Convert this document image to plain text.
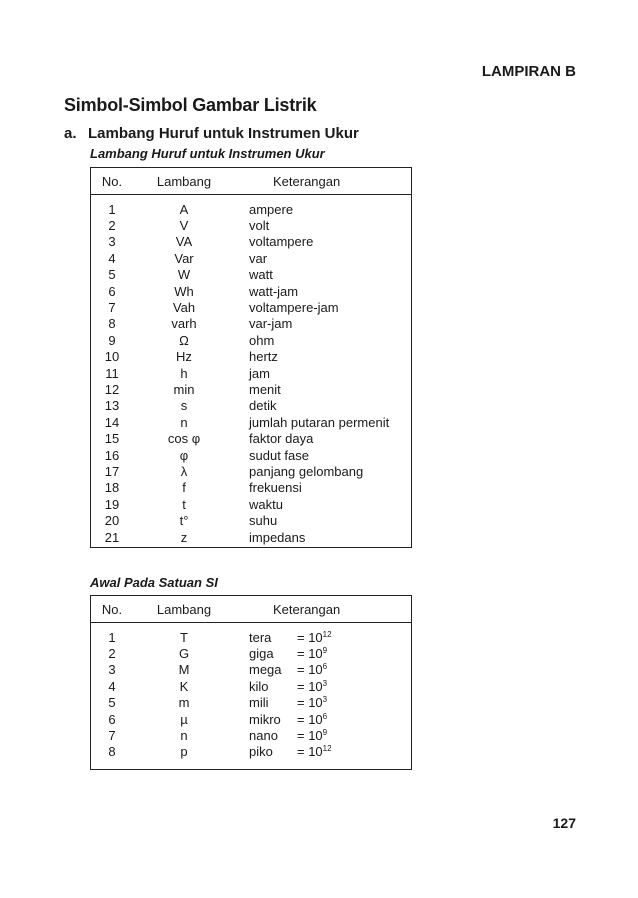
LAMPIRAN B
Simbol-Simbol Gambar Listrik
a. Lambang Huruf untuk Instrumen Ukur
Lambang Huruf untuk Instrumen Ukur
No.	Lambang	Keterangan
1	A	ampere
2	V	volt
3	VA	voltampere
4	Var	var
5	W	watt
6	Wh	watt-jam
7	Vah	voltampere-jam
8	varh	var-jam
9	Ω	ohm
10	Hz	hertz
11	h	jam
12	min	menit
13	s	detik
14	n	jumlah putaran permenit
15	cos φ	faktor daya
16	φ	sudut fase
17	λ	panjang gelombang
18	f	frekuensi
19	t	waktu
20	t°	suhu
21	z	impedans
Awal Pada Satuan SI
No.	Lambang	Keterangan
1	T	tera = $10^{12}$
2	G	giga = $10^9$
3	M	mega = $10^6$
4	K	kilo = $10^3$
5	m	mili = $10^3$
6	µ	mikro = $10^6$
7	n	nano = $10^9$
8	p	piko = $10^{12}$
127
